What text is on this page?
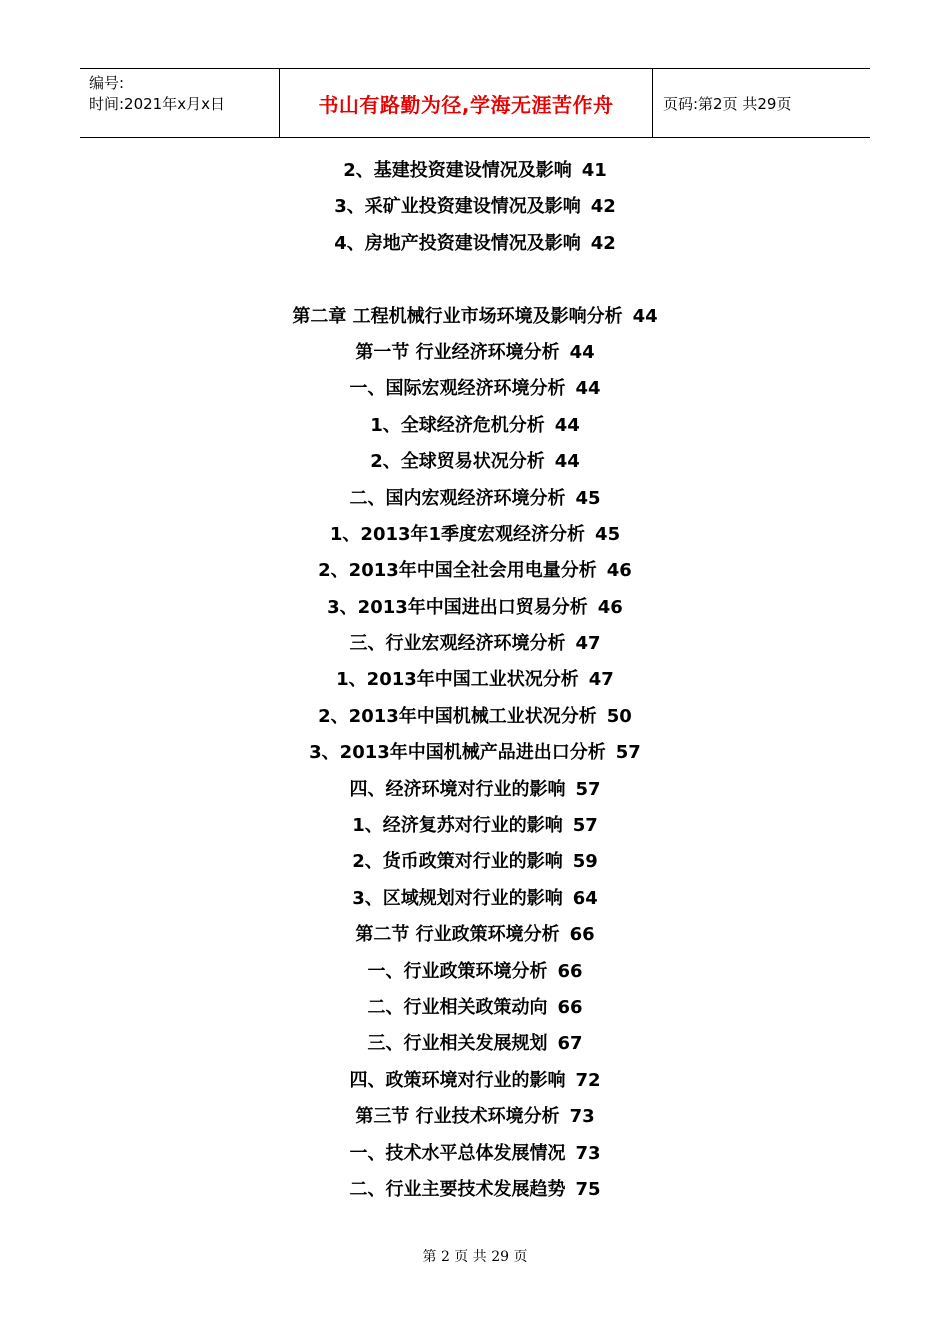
编号:
时间:2021年x月x日	书山有路勤为径,学海无涯苦作舟	页码:第2页 共29页
2、基建投资建设情况及影响 41
3、采矿业投资建设情况及影响 42
4、房地产投资建设情况及影响 42
第二章 工程机械行业市场环境及影响分析 44
第一节 行业经济环境分析 44
一、国际宏观经济环境分析 44
1、全球经济危机分析 44
2、全球贸易状况分析 44
二、国内宏观经济环境分析 45
1、2013年1季度宏观经济分析 45
2、2013年中国全社会用电量分析 46
3、2013年中国进出口贸易分析 46
三、行业宏观经济环境分析 47
1、2013年中国工业状况分析 47
2、2013年中国机械工业状况分析 50
3、2013年中国机械产品进出口分析 57
四、经济环境对行业的影响 57
1、经济复苏对行业的影响 57
2、货币政策对行业的影响 59
3、区域规划对行业的影响 64
第二节 行业政策环境分析 66
一、行业政策环境分析 66
二、行业相关政策动向 66
三、行业相关发展规划 67
四、政策环境对行业的影响 72
第三节 行业技术环境分析 73
一、技术水平总体发展情况 73
二、行业主要技术发展趋势 75
第 2 页 共 29 页
